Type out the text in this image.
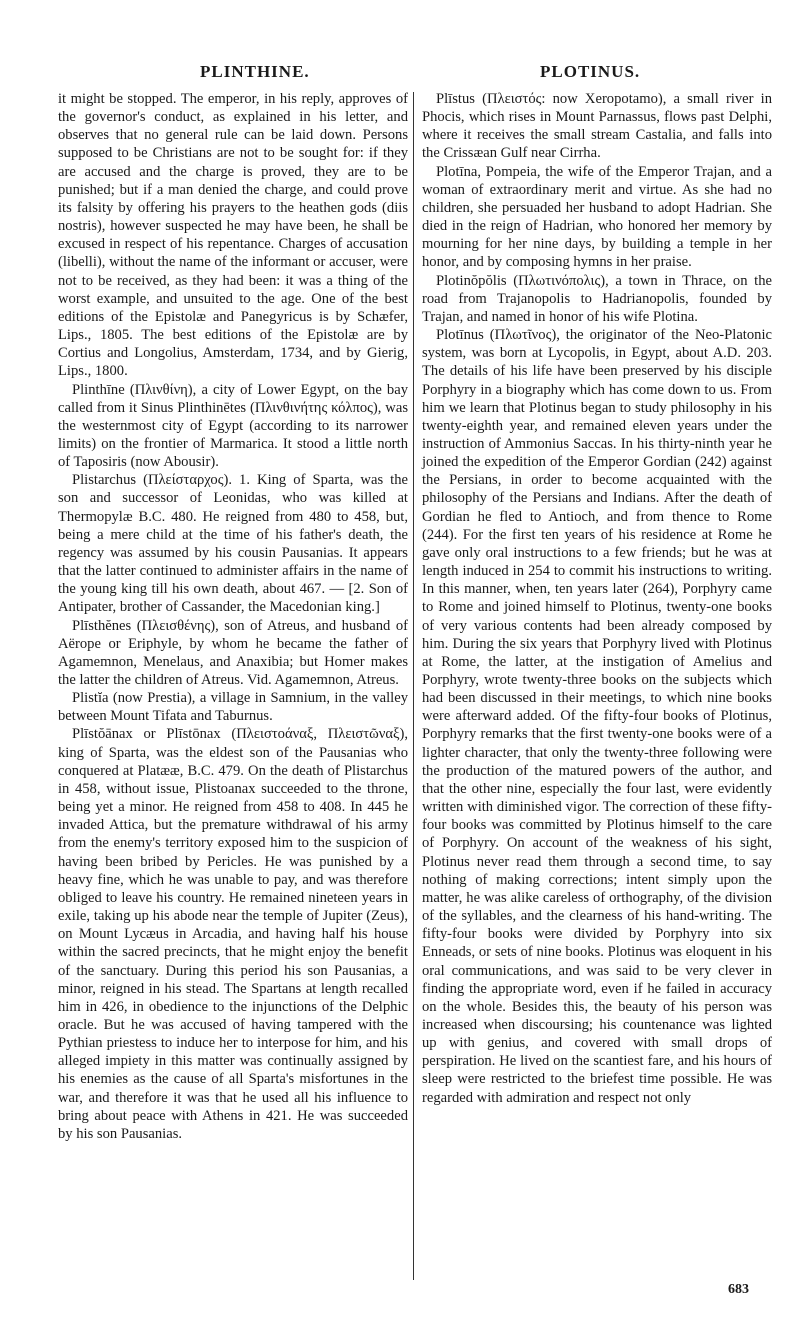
PLINTHINE.	PLOTINUS.

it might be stopped. The emperor, in his reply, approves of the governor's conduct, as explained in his letter, and observes that no general rule can be laid down. Persons supposed to be Christians are not to be sought for: if they are accused and the charge is proved, they are to be punished; but if a man denied the charge, and could prove its falsity by offering his prayers to the heathen gods (diis nostris), however suspected he may have been, he shall be excused in respect of his repentance. Charges of accusation (libelli), without the name of the informant or accuser, were not to be received, as they had been: it was a thing of the worst example, and unsuited to the age. One of the best editions of the Epistolæ and Panegyricus is by Schæfer, Lips., 1805. The best editions of the Epistolæ are by Cortius and Longolius, Amsterdam, 1734, and by Gierig, Lips., 1800.

Plinthīne (Πλινθίνη), a city of Lower Egypt, on the bay called from it Sinus Plinthinētes (Πλινθινήτης κόλπος), was the westernmost city of Egypt (according to its narrower limits) on the frontier of Marmarica. It stood a little north of Taposiris (now Abousir).

Plistarchus (Πλείσταρχος). 1. King of Sparta, was the son and successor of Leonidas, who was killed at Thermopylæ B.C. 480. He reigned from 480 to 458, but, being a mere child at the time of his father's death, the regency was assumed by his cousin Pausanias. It appears that the latter continued to administer affairs in the name of the young king till his own death, about 467. — [2. Son of Antipater, brother of Cassander, the Macedonian king.]

Plīsthĕnes (Πλεισθένης), son of Atreus, and husband of Aërope or Eriphyle, by whom he became the father of Agamemnon, Menelaus, and Anaxibia; but Homer makes the latter the children of Atreus. Vid. Agamemnon, Atreus.

Plistĭa (now Prestia), a village in Samnium, in the valley between Mount Tifata and Taburnus.

Plīstŏānax or Plīstōnax (Πλειστοάναξ, Πλειστῶναξ), king of Sparta, was the eldest son of the Pausanias who conquered at Platææ, B.C. 479. On the death of Plistarchus in 458, without issue, Plistoanax succeeded to the throne, being yet a minor. He reigned from 458 to 408. In 445 he invaded Attica, but the premature withdrawal of his army from the enemy's territory exposed him to the suspicion of having been bribed by Pericles. He was punished by a heavy fine, which he was unable to pay, and was therefore obliged to leave his country. He remained nineteen years in exile, taking up his abode near the temple of Jupiter (Zeus), on Mount Lycæus in Arcadia, and having half his house within the sacred precincts, that he might enjoy the benefit of the sanctuary. During this period his son Pausanias, a minor, reigned in his stead. The Spartans at length recalled him in 426, in obedience to the injunctions of the Delphic oracle. But he was accused of having tampered with the Pythian priestess to induce her to interpose for him, and his alleged impiety in this matter was continually assigned by his enemies as the cause of all Sparta's misfortunes in the war, and therefore it was that he used all his influence to bring about peace with Athens in 421. He was succeeded by his son Pausanias.

Plīstus (Πλειστός: now Xeropotamo), a small river in Phocis, which rises in Mount Parnassus, flows past Delphi, where it receives the small stream Castalia, and falls into the Crissæan Gulf near Cirrha.

Plotīna, Pompeia, the wife of the Emperor Trajan, and a woman of extraordinary merit and virtue. As she had no children, she persuaded her husband to adopt Hadrian. She died in the reign of Hadrian, who honored her memory by mourning for her nine days, by building a temple in her honor, and by composing hymns in her praise.

Plotinŏpŏlis (Πλωτινόπολις), a town in Thrace, on the road from Trajanopolis to Hadrianopolis, founded by Trajan, and named in honor of his wife Plotina.

Plotīnus (Πλωτῖνος), the originator of the Neo-Platonic system, was born at Lycopolis, in Egypt, about A.D. 203. The details of his life have been preserved by his disciple Porphyry in a biography which has come down to us. From him we learn that Plotinus began to study philosophy in his twenty-eighth year, and remained eleven years under the instruction of Ammonius Saccas. In his thirty-ninth year he joined the expedition of the Emperor Gordian (242) against the Persians, in order to become acquainted with the philosophy of the Persians and Indians. After the death of Gordian he fled to Antioch, and from thence to Rome (244). For the first ten years of his residence at Rome he gave only oral instructions to a few friends; but he was at length induced in 254 to commit his instructions to writing. In this manner, when, ten years later (264), Porphyry came to Rome and joined himself to Plotinus, twenty-one books of very various contents had been already composed by him. During the six years that Porphyry lived with Plotinus at Rome, the latter, at the instigation of Amelius and Porphyry, wrote twenty-three books on the subjects which had been discussed in their meetings, to which nine books were afterward added. Of the fifty-four books of Plotinus, Porphyry remarks that the first twenty-one books were of a lighter character, that only the twenty-three following were the production of the matured powers of the author, and that the other nine, especially the four last, were evidently written with diminished vigor. The correction of these fifty-four books was committed by Plotinus himself to the care of Porphyry. On account of the weakness of his sight, Plotinus never read them through a second time, to say nothing of making corrections; intent simply upon the matter, he was alike careless of orthography, of the division of the syllables, and the clearness of his hand-writing. The fifty-four books were divided by Porphyry into six Enneads, or sets of nine books. Plotinus was eloquent in his oral communications, and was said to be very clever in finding the appropriate word, even if he failed in accuracy on the whole. Besides this, the beauty of his person was increased when discoursing; his countenance was lighted up with genius, and covered with small drops of perspiration. He lived on the scantiest fare, and his hours of sleep were restricted to the briefest time possible. He was regarded with admiration and respect not only

683
